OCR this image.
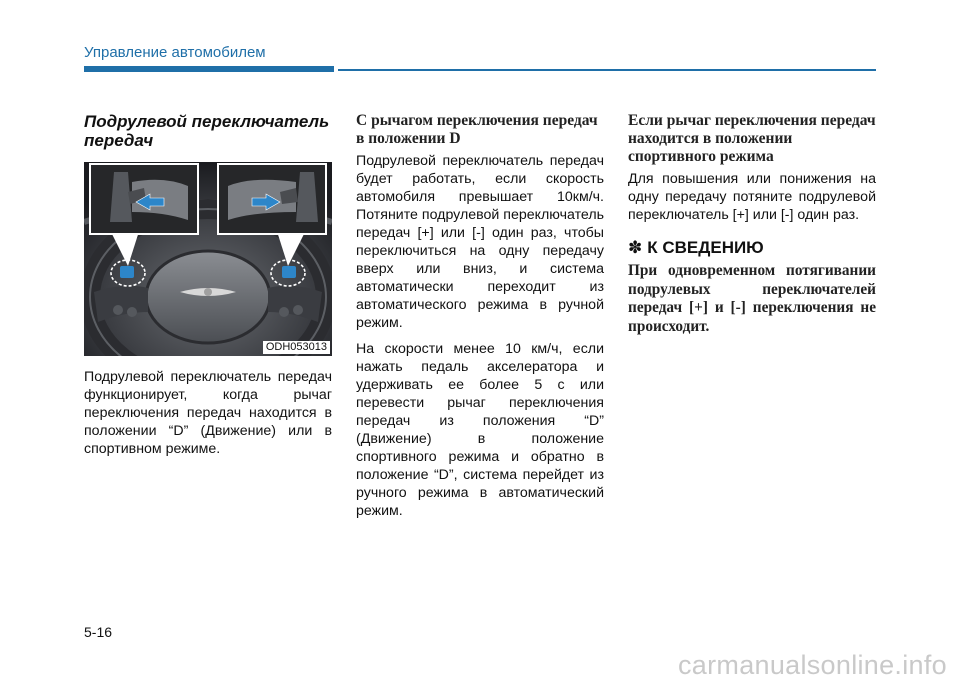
Управление автомобилем
Подрулевой переключатель передач
ODH053013

Подрулевой переключатель передач функционирует, когда рычаг переключения передач находится в положении “D” (Движение) или в спортивном режиме.

С рычагом переключения передач в положении D

Подрулевой переключатель передач будет работать, если скорость автомобиля превышает 10км/ч. Потяните подрулевой переключатель передач [+] или [-] один раз, чтобы переключиться на одну передачу вверх или вниз, и система автоматически переходит из автоматического режима в ручной режим.

На скорости менее 10 км/ч, если нажать педаль акселератора и удерживать ее более 5 с или перевести рычаг переключения передач из положения “D” (Движение) в положение спортивного режима и обратно в положение “D”, система перейдет из ручного режима в автоматический режим.

Если рычаг переключения передач находится в положении спортивного режима

Для повышения или понижения на одну передачу потяните подрулевой переключатель [+] или [-] один раз.

✽ К СВЕДЕНИЮ

При одновременном потягивании подрулевых переключателей передач [+] и [-] переключения не происходит.

5-16
carmanualsonline.info
